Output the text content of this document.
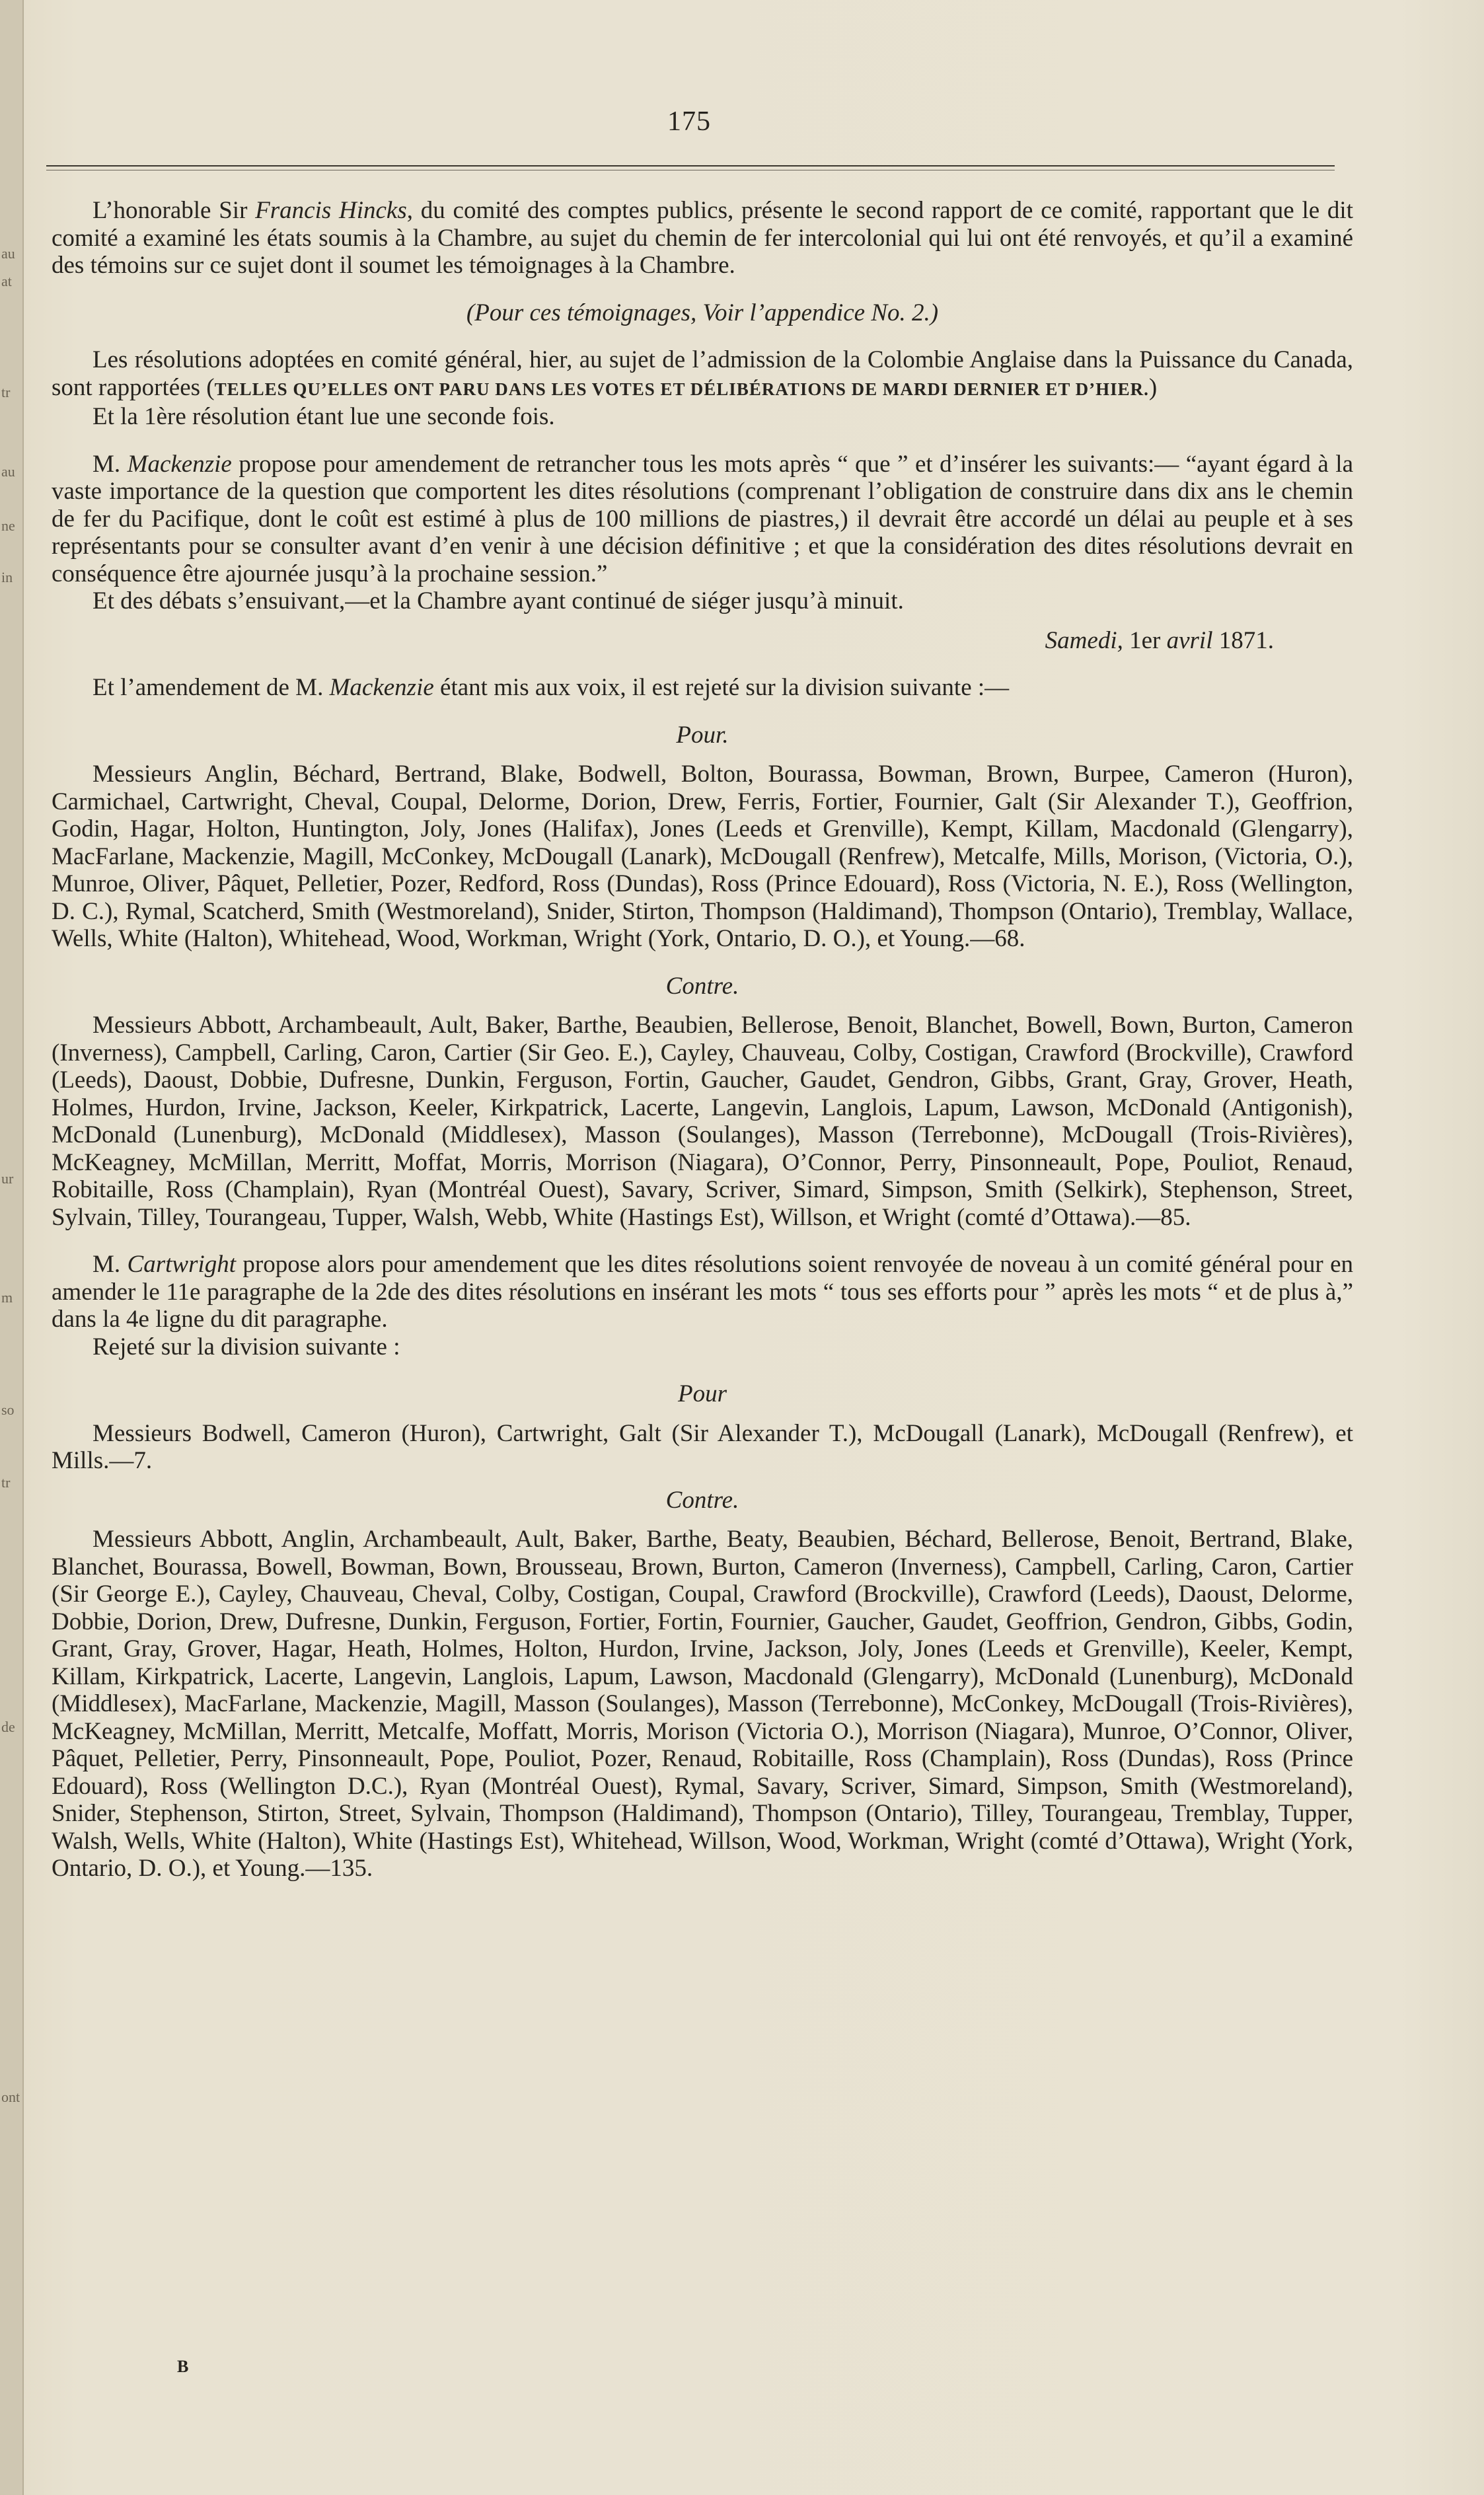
au
at
tr
au
ne
in
ur
m
so
tr
de
ont
175

L’honorable Sir Francis Hincks, du comité des comptes publics, présente le second rapport de ce comité, rapportant que le dit comité a examiné les états soumis à la Chambre, au sujet du chemin de fer intercolonial qui lui ont été renvoyés, et qu’il a examiné des témoins sur ce sujet dont il soumet les témoignages à la Chambre.

(Pour ces témoignages, Voir l’appendice No. 2.)

Les résolutions adoptées en comité général, hier, au sujet de l’admission de la Colombie Anglaise dans la Puissance du Canada, sont rapportées (TELLES QU’ELLES ONT PARU DANS LES VOTES ET DÉLIBÉRATIONS DE MARDI DERNIER ET D’HIER.)

Et la 1ère résolution étant lue une seconde fois.

M. Mackenzie propose pour amendement de retrancher tous les mots après “ que ” et d’insérer les suivants:— “ayant égard à la vaste importance de la question que comportent les dites résolutions (comprenant l’obligation de construire dans dix ans le chemin de fer du Pacifique, dont le coût est estimé à plus de 100 millions de piastres,) il devrait être accordé un délai au peuple et à ses représentants pour se consulter avant d’en venir à une décision définitive ; et que la considération des dites résolutions devrait en conséquence être ajournée jusqu’à la prochaine session.”

Et des débats s’ensuivant,—et la Chambre ayant continué de siéger jusqu’à minuit.

Samedi, 1er avril 1871.

Et l’amendement de M. Mackenzie étant mis aux voix, il est rejeté sur la division suivante :—

Pour.

Messieurs Anglin, Béchard, Bertrand, Blake, Bodwell, Bolton, Bourassa, Bowman, Brown, Burpee, Cameron (Huron), Carmichael, Cartwright, Cheval, Coupal, Delorme, Dorion, Drew, Ferris, Fortier, Fournier, Galt (Sir Alexander T.), Geoffrion, Godin, Hagar, Holton, Huntington, Joly, Jones (Halifax), Jones (Leeds et Grenville), Kempt, Killam, Macdonald (Glengarry), MacFarlane, Mackenzie, Magill, McConkey, McDougall (Lanark), McDougall (Renfrew), Metcalfe, Mills, Morison, (Victoria, O.), Munroe, Oliver, Pâquet, Pelletier, Pozer, Redford, Ross (Dundas), Ross (Prince Edouard), Ross (Victoria, N. E.), Ross (Wellington, D. C.), Rymal, Scatcherd, Smith (Westmoreland), Snider, Stirton, Thompson (Haldimand), Thompson (Ontario), Tremblay, Wallace, Wells, White (Halton), Whitehead, Wood, Workman, Wright (York, Ontario, D. O.), et Young.—68.

Contre.

Messieurs Abbott, Archambeault, Ault, Baker, Barthe, Beaubien, Bellerose, Benoit, Blanchet, Bowell, Bown, Burton, Cameron (Inverness), Campbell, Carling, Caron, Cartier (Sir Geo. E.), Cayley, Chauveau, Colby, Costigan, Crawford (Brockville), Crawford (Leeds), Daoust, Dobbie, Dufresne, Dunkin, Ferguson, Fortin, Gaucher, Gaudet, Gendron, Gibbs, Grant, Gray, Grover, Heath, Holmes, Hurdon, Irvine, Jackson, Keeler, Kirkpatrick, Lacerte, Langevin, Langlois, Lapum, Lawson, McDonald (Antigonish), McDonald (Lunenburg), McDonald (Middlesex), Masson (Soulanges), Masson (Terrebonne), McDougall (Trois-Rivières), McKeagney, McMillan, Merritt, Moffat, Morris, Morrison (Niagara), O’Connor, Perry, Pinsonneault, Pope, Pouliot, Renaud, Robitaille, Ross (Champlain), Ryan (Montréal Ouest), Savary, Scriver, Simard, Simpson, Smith (Selkirk), Stephenson, Street, Sylvain, Tilley, Tourangeau, Tupper, Walsh, Webb, White (Hastings Est), Willson, et Wright (comté d’Ottawa).—85.

M. Cartwright propose alors pour amendement que les dites résolutions soient renvoyée de noveau à un comité général pour en amender le 11e paragraphe de la 2de des dites résolutions en insérant les mots “ tous ses efforts pour ” après les mots “ et de plus à,” dans la 4e ligne du dit paragraphe.

Rejeté sur la division suivante :

Pour

Messieurs Bodwell, Cameron (Huron), Cartwright, Galt (Sir Alexander T.), McDougall (Lanark), McDougall (Renfrew), et Mills.—7.

Contre.

Messieurs Abbott, Anglin, Archambeault, Ault, Baker, Barthe, Beaty, Beaubien, Béchard, Bellerose, Benoit, Bertrand, Blake, Blanchet, Bourassa, Bowell, Bowman, Bown, Brousseau, Brown, Burton, Cameron (Inverness), Campbell, Carling, Caron, Cartier (Sir George E.), Cayley, Chauveau, Cheval, Colby, Costigan, Coupal, Crawford (Brockville), Crawford (Leeds), Daoust, Delorme, Dobbie, Dorion, Drew, Dufresne, Dunkin, Ferguson, Fortier, Fortin, Fournier, Gaucher, Gaudet, Geoffrion, Gendron, Gibbs, Godin, Grant, Gray, Grover, Hagar, Heath, Holmes, Holton, Hurdon, Irvine, Jackson, Joly, Jones (Leeds et Grenville), Keeler, Kempt, Killam, Kirkpatrick, Lacerte, Langevin, Langlois, Lapum, Lawson, Macdonald (Glengarry), McDonald (Lunenburg), McDonald (Middlesex), MacFarlane, Mackenzie, Magill, Masson (Soulanges), Masson (Terrebonne), McConkey, McDougall (Trois-Rivières), McKeagney, McMillan, Merritt, Metcalfe, Moffatt, Morris, Morison (Victoria O.), Morrison (Niagara), Munroe, O’Connor, Oliver, Pâquet, Pelletier, Perry, Pinsonneault, Pope, Pouliot, Pozer, Renaud, Robitaille, Ross (Champlain), Ross (Dundas), Ross (Prince Edouard), Ross (Wellington D.C.), Ryan (Montréal Ouest), Rymal, Savary, Scriver, Simard, Simpson, Smith (Westmoreland), Snider, Stephenson, Stirton, Street, Sylvain, Thompson (Haldimand), Thompson (Ontario), Tilley, Tourangeau, Tremblay, Tupper, Walsh, Wells, White (Halton), White (Hastings Est), Whitehead, Willson, Wood, Workman, Wright (comté d’Ottawa), Wright (York, Ontario, D. O.), et Young.—135.

B
